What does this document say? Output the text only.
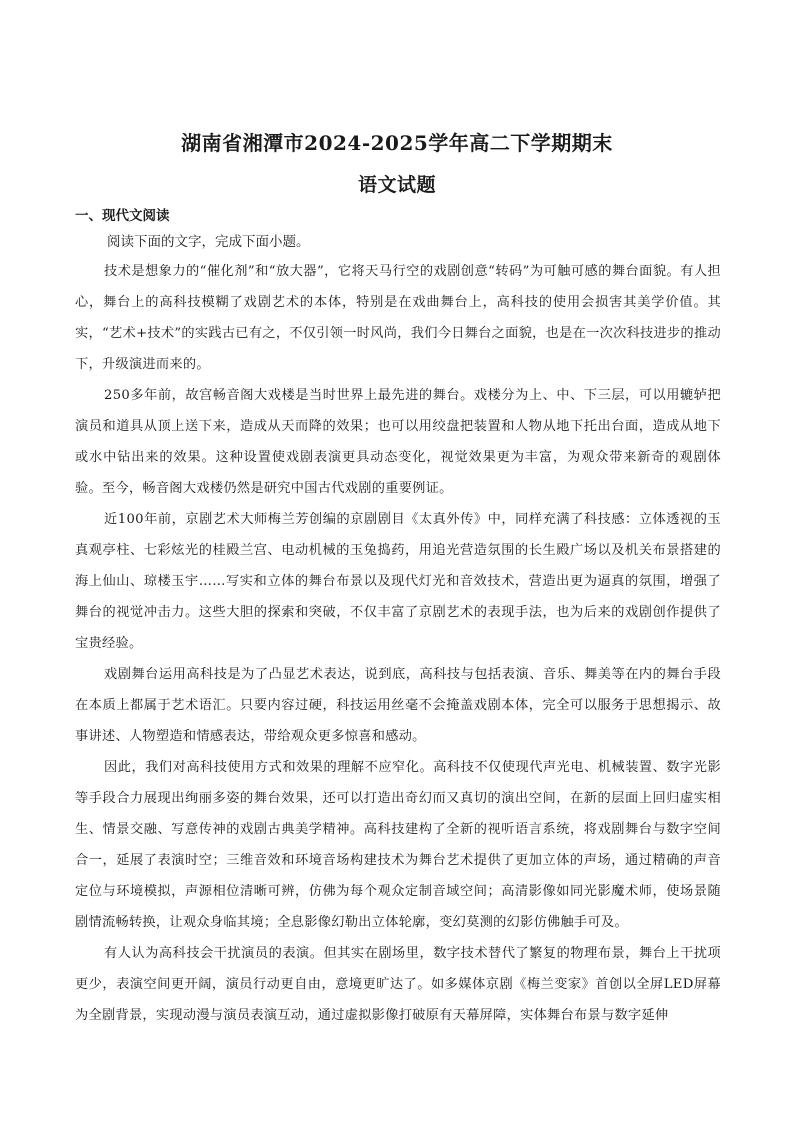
湖南省湘潭市2024-2025学年高二下学期期末
语文试题
一、现代文阅读
阅读下面的文字，完成下面小题。

技术是想象力的“催化剂”和“放大器”，它将天马行空的戏剧创意“转码”为可触可感的舞台面貌。有人担心，舞台上的高科技模糊了戏剧艺术的本体，特别是在戏曲舞台上，高科技的使用会损害其美学价值。其实，“艺术+技术”的实践古已有之，不仅引领一时风尚，我们今日舞台之面貌，也是在一次次科技进步的推动下，升级演进而来的。

250多年前，故宫畅音阁大戏楼是当时世界上最先进的舞台。戏楼分为上、中、下三层，可以用辘轳把演员和道具从顶上送下来，造成从天而降的效果；也可以用绞盘把装置和人物从地下托出台面，造成从地下或水中钻出来的效果。这种设置使戏剧表演更具动态变化，视觉效果更为丰富，为观众带来新奇的观剧体验。至今，畅音阁大戏楼仍然是研究中国古代戏剧的重要例证。

近100年前，京剧艺术大师梅兰芳创编的京剧剧目《太真外传》中，同样充满了科技感：立体透视的玉真观亭柱、七彩炫光的桂殿兰宫、电动机械的玉兔捣药，用追光营造氛围的长生殿广场以及机关布景搭建的海上仙山、琼楼玉宇……写实和立体的舞台布景以及现代灯光和音效技术，营造出更为逼真的氛围，增强了舞台的视觉冲击力。这些大胆的探索和突破，不仅丰富了京剧艺术的表现手法，也为后来的戏剧创作提供了宝贵经验。

戏剧舞台运用高科技是为了凸显艺术表达，说到底，高科技与包括表演、音乐、舞美等在内的舞台手段在本质上都属于艺术语汇。只要内容过硬，科技运用丝毫不会掩盖戏剧本体，完全可以服务于思想揭示、故事讲述、人物塑造和情感表达，带给观众更多惊喜和感动。

因此，我们对高科技使用方式和效果的理解不应窄化。高科技不仅使现代声光电、机械装置、数字光影等手段合力展现出绚丽多姿的舞台效果，还可以打造出奇幻而又真切的演出空间，在新的层面上回归虚实相生、情景交融、写意传神的戏剧古典美学精神。高科技建构了全新的视听语言系统，将戏剧舞台与数字空间合一，延展了表演时空；三维音效和环境音场构建技术为舞台艺术提供了更加立体的声场，通过精确的声音定位与环境模拟，声源相位清晰可辨，仿佛为每个观众定制音域空间；高清影像如同光影魔术师，使场景随剧情流畅转换，让观众身临其境；全息影像幻勒出立体轮廓，变幻莫测的幻影仿佛触手可及。

有人认为高科技会干扰演员的表演。但其实在剧场里，数字技术替代了繁复的物理布景，舞台上干扰项更少，表演空间更开阔，演员行动更自由，意境更旷达了。如多媒体京剧《梅兰变家》首创以全屏LED屏幕为全剧背景，实现动漫与演员表演互动，通过虚拟影像打破原有天幕屏障，实体舞台布景与数字延伸
